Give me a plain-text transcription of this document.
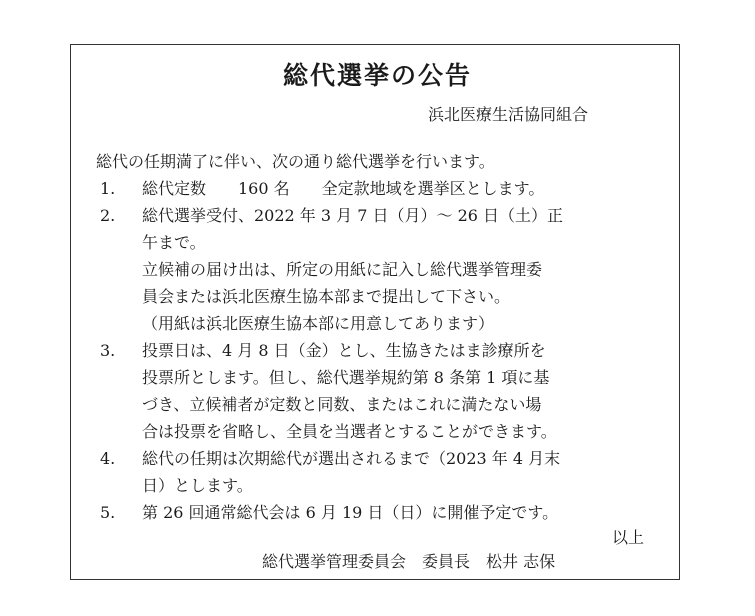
総代選挙の公告
浜北医療生活協同組合
総代の任期満了に伴い、次の通り総代選挙を行います。
1.	総代定数　　160 名　　全定款地域を選挙区とします。
2.	総代選挙受付、2022 年 3 月 7 日（月）～ 26 日（土）正
午まで。
立候補の届け出は、所定の用紙に記入し総代選挙管理委
員会または浜北医療生協本部まで提出して下さい。
（用紙は浜北医療生協本部に用意してあります）
3.	投票日は、4 月 8 日（金）とし、生協きたはま診療所を
投票所とします。但し、総代選挙規約第 8 条第 1 項に基
づき、立候補者が定数と同数、またはこれに満たない場
合は投票を省略し、全員を当選者とすることができます。
4.	総代の任期は次期総代が選出されるまで（2023 年 4 月末
日）とします。
5.	第 26 回通常総代会は 6 月 19 日（日）に開催予定です。
以上
総代選挙管理委員会　委員長　松井 志保
